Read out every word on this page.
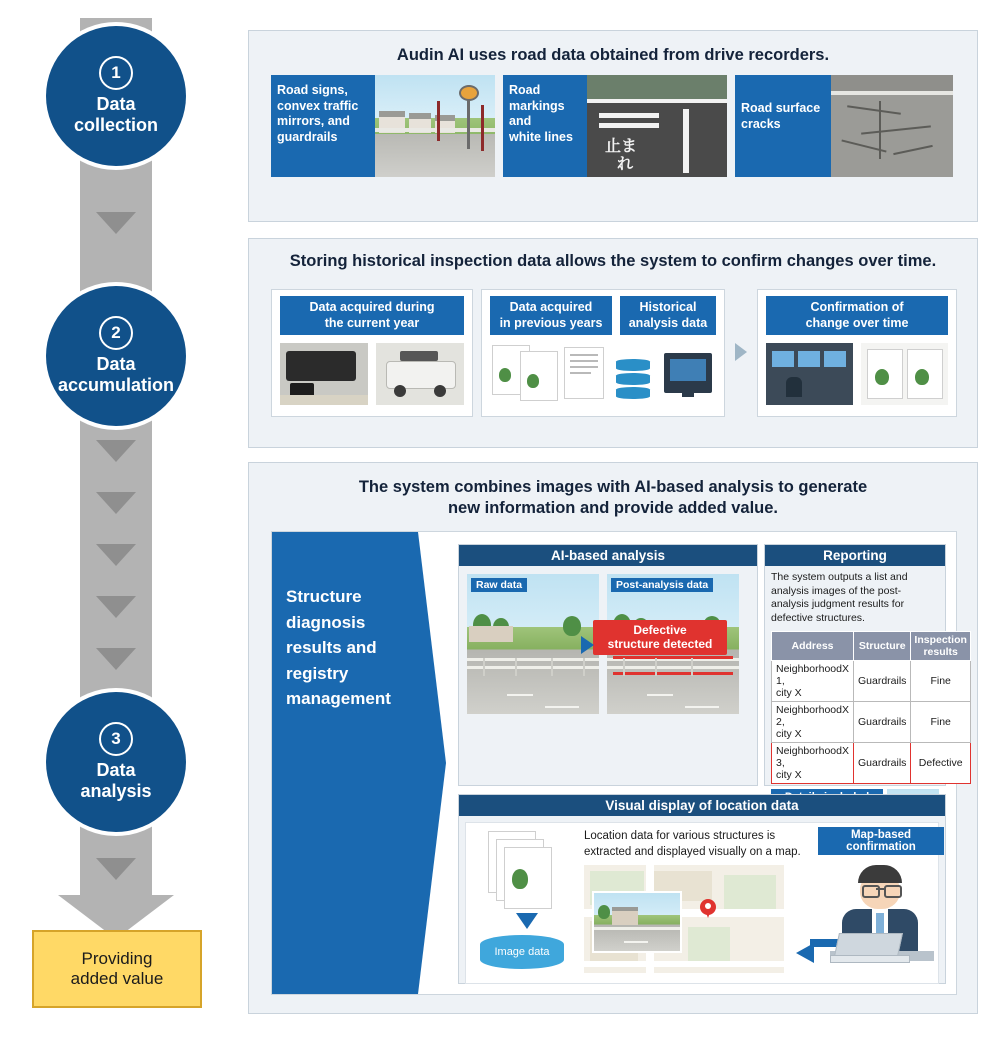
1
Data
collection
2
Data
accumulation
3
Data
analysis
Providing
added value
Audin AI uses road data obtained from drive recorders.
Road signs,
convex traffic
mirrors, and
guardrails
Road
markings
and
white lines
止ま
れ
Road surface
cracks
Storing historical inspection data allows the system to confirm changes over time.
Data acquired during
the current year
Data acquired
in previous years
Historical
analysis data
Confirmation of
change over time
The system combines images with AI-based analysis to generate
new information and provide added value.
Structure
diagnosis
results and
registry
management
AI-based analysis
Raw data	Post-analysis data
Defective
structure detected
Reporting
The system outputs a list and analysis images of the post-analysis judgment results for defective structures.
Address	Structure	Inspection results
NeighborhoodX 1,
city X	Guardrails	Fine
NeighborhoodX 2,
city X	Guardrails	Fine
NeighborhoodX 3,
city X	Guardrails	Defective
Visual display of location data
Image data
Location data for various structures is
extracted and displayed visually on a map.
Map-based confirmation
